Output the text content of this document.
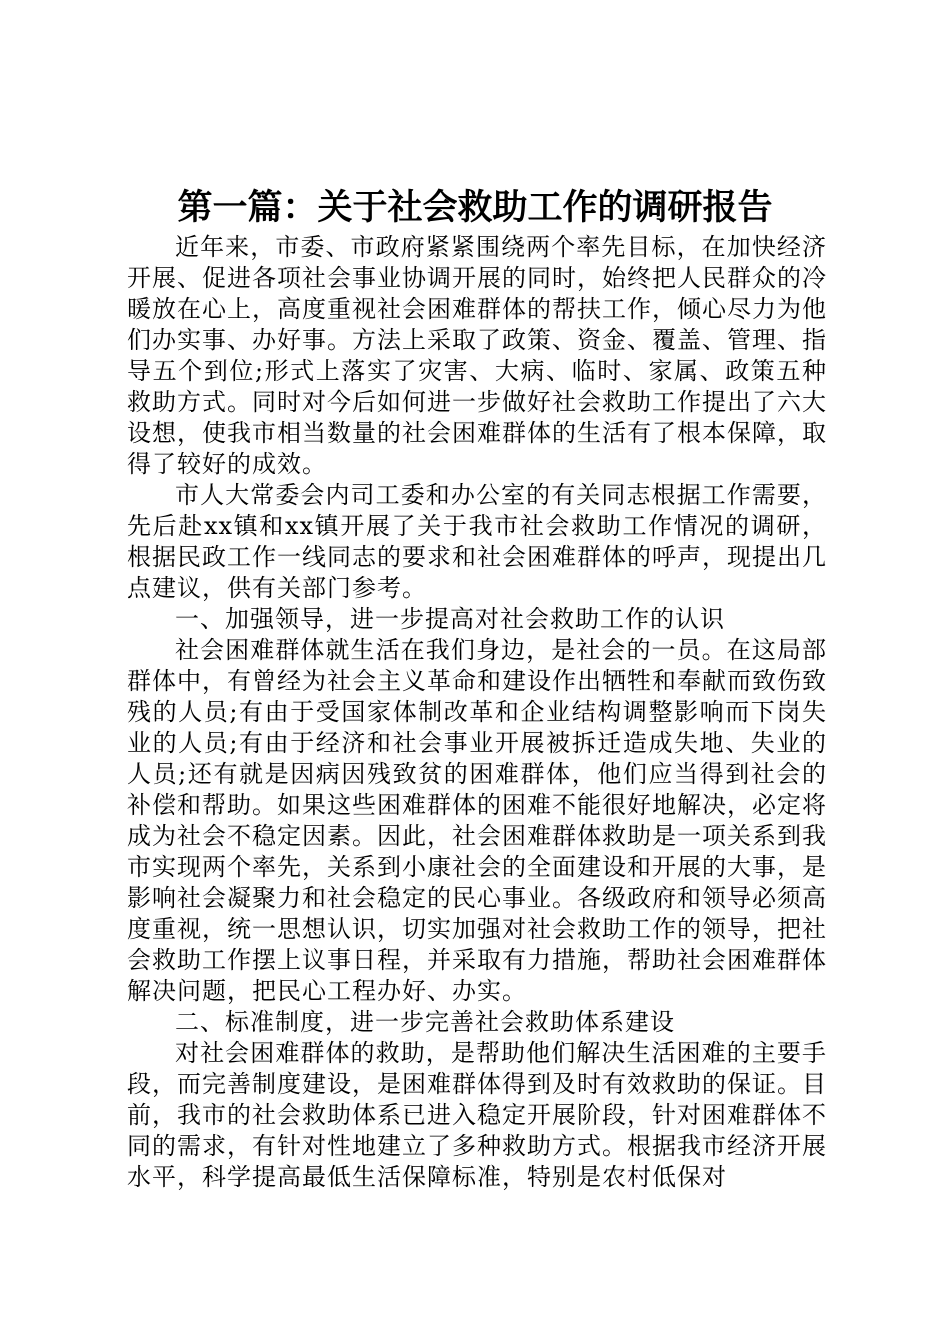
第一篇：关于社会救助工作的调研报告

近年来，市委、市政府紧紧围绕两个率先目标，在加快经济开展、促进各项社会事业协调开展的同时，始终把人民群众的冷暖放在心上，高度重视社会困难群体的帮扶工作，倾心尽力为他们办实事、办好事。方法上采取了政策、资金、覆盖、管理、指导五个到位;形式上落实了灾害、大病、临时、家属、政策五种救助方式。同时对今后如何进一步做好社会救助工作提出了六大设想，使我市相当数量的社会困难群体的生活有了根本保障，取得了较好的成效。

市人大常委会内司工委和办公室的有关同志根据工作需要，先后赴xx镇和xx镇开展了关于我市社会救助工作情况的调研，根据民政工作一线同志的要求和社会困难群体的呼声，现提出几点建议，供有关部门参考。

一、加强领导，进一步提高对社会救助工作的认识

社会困难群体就生活在我们身边，是社会的一员。在这局部群体中，有曾经为社会主义革命和建设作出牺牲和奉献而致伤致残的人员;有由于受国家体制改革和企业结构调整影响而下岗失业的人员;有由于经济和社会事业开展被拆迁造成失地、失业的人员;还有就是因病因残致贫的困难群体，他们应当得到社会的补偿和帮助。如果这些困难群体的困难不能很好地解决，必定将成为社会不稳定因素。因此，社会困难群体救助是一项关系到我市实现两个率先，关系到小康社会的全面建设和开展的大事，是影响社会凝聚力和社会稳定的民心事业。各级政府和领导必须高度重视，统一思想认识，切实加强对社会救助工作的领导，把社会救助工作摆上议事日程，并采取有力措施，帮助社会困难群体解决问题，把民心工程办好、办实。

二、标准制度，进一步完善社会救助体系建设

对社会困难群体的救助，是帮助他们解决生活困难的主要手段，而完善制度建设，是困难群体得到及时有效救助的保证。目前，我市的社会救助体系已进入稳定开展阶段，针对困难群体不同的需求，有针对性地建立了多种救助方式。根据我市经济开展水平，科学提高最低生活保障标准，特别是农村低保对
